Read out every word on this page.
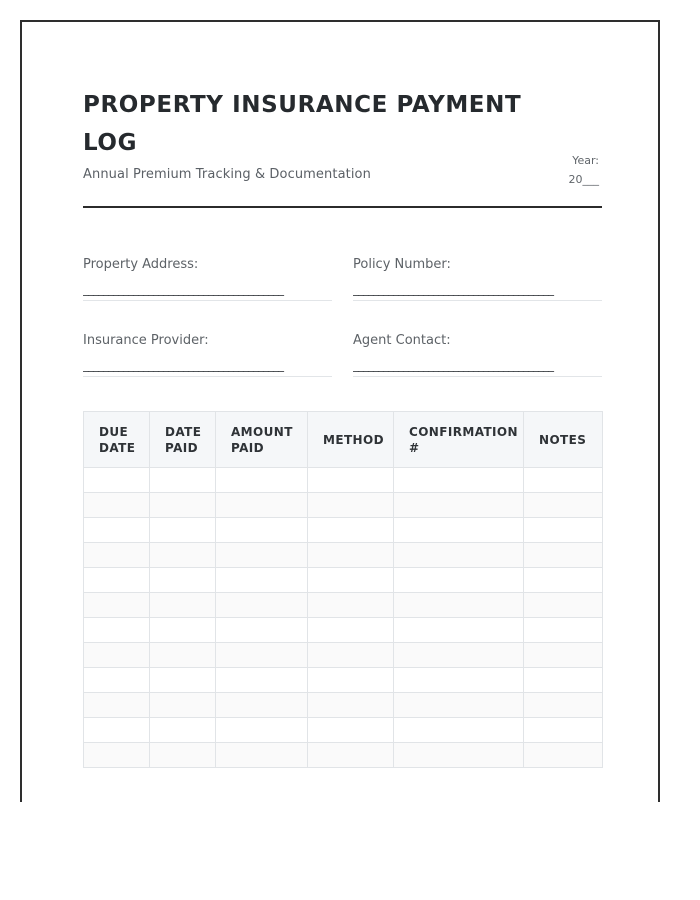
PROPERTY INSURANCE PAYMENT LOG
Annual Premium Tracking & Documentation
Year:
20___
Property Address:
________________________________________
Policy Number:
________________________________________
Insurance Provider:
________________________________________
Agent Contact:
________________________________________
DUE DATE	DATE PAID	AMOUNT PAID	METHOD	CONFIRMATION #	NOTES
